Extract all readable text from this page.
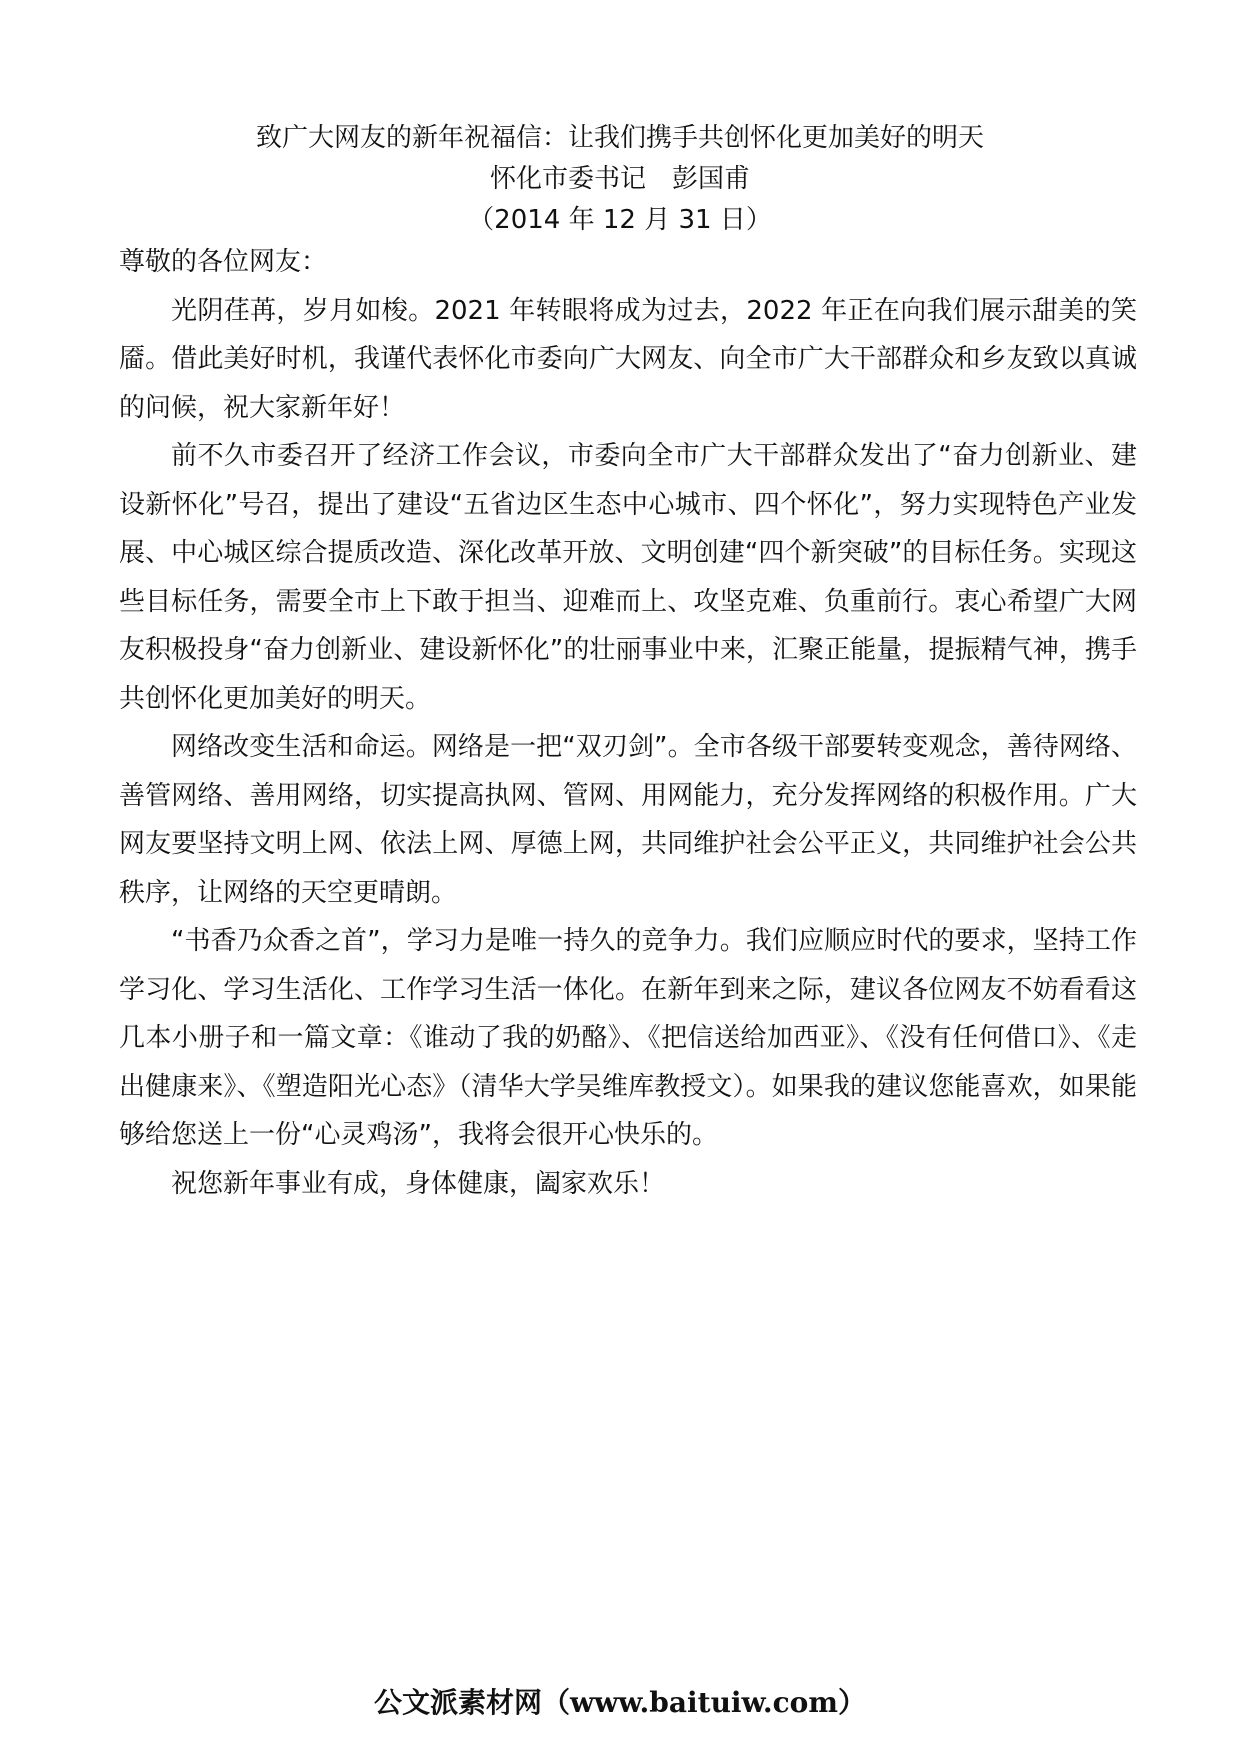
致广大网友的新年祝福信：让我们携手共创怀化更加美好的明天
怀化市委书记　彭国甫
（2014 年 12 月 31 日）

尊敬的各位网友：

光阴荏苒，岁月如梭。2021 年转眼将成为过去，2022 年正在向我们展示甜美的笑靥。借此美好时机，我谨代表怀化市委向广大网友、向全市广大干部群众和乡友致以真诚的问候，祝大家新年好！

前不久市委召开了经济工作会议，市委向全市广大干部群众发出了“奋力创新业、建设新怀化”号召，提出了建设“五省边区生态中心城市、四个怀化”，努力实现特色产业发展、中心城区综合提质改造、深化改革开放、文明创建“四个新突破”的目标任务。实现这些目标任务，需要全市上下敢于担当、迎难而上、攻坚克难、负重前行。衷心希望广大网友积极投身“奋力创新业、建设新怀化”的壮丽事业中来，汇聚正能量，提振精气神，携手共创怀化更加美好的明天。

网络改变生活和命运。网络是一把“双刃剑”。全市各级干部要转变观念，善待网络、善管网络、善用网络，切实提高执网、管网、用网能力，充分发挥网络的积极作用。广大网友要坚持文明上网、依法上网、厚德上网，共同维护社会公平正义，共同维护社会公共秩序，让网络的天空更晴朗。

“书香乃众香之首”，学习力是唯一持久的竞争力。我们应顺应时代的要求，坚持工作学习化、学习生活化、工作学习生活一体化。在新年到来之际，建议各位网友不妨看看这几本小册子和一篇文章：《谁动了我的奶酪》、《把信送给加西亚》、《没有任何借口》、《走出健康来》、《塑造阳光心态》（清华大学吴维库教授文）。如果我的建议您能喜欢，如果能够给您送上一份“心灵鸡汤”，我将会很开心快乐的。

祝您新年事业有成，身体健康，阖家欢乐！

公文派素材网（www.baituiw.com）
